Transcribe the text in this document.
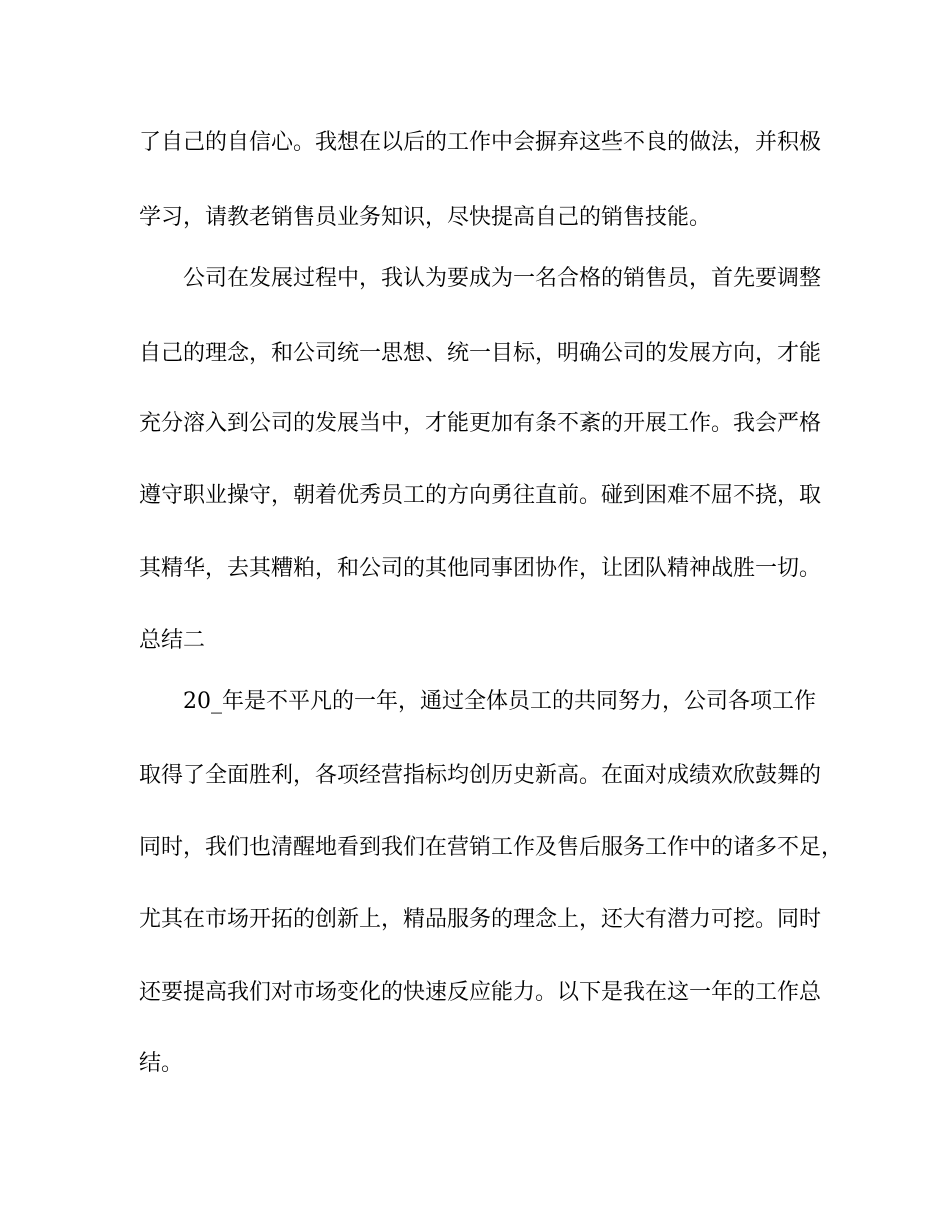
了自己的自信心。我想在以后的工作中会摒弃这些不良的做法，并积极
学习，请教老销售员业务知识，尽快提高自己的销售技能。
公司在发展过程中，我认为要成为一名合格的销售员，首先要调整
自己的理念，和公司统一思想、统一目标，明确公司的发展方向，才能
充分溶入到公司的发展当中，才能更加有条不紊的开展工作。我会严格
遵守职业操守，朝着优秀员工的方向勇往直前。碰到困难不屈不挠，取
其精华，去其糟粕，和公司的其他同事团协作，让团队精神战胜一切。
总结二
20_年是不平凡的一年，通过全体员工的共同努力，公司各项工作
取得了全面胜利，各项经营指标均创历史新高。在面对成绩欢欣鼓舞的
同时，我们也清醒地看到我们在营销工作及售后服务工作中的诸多不足，
尤其在市场开拓的创新上，精品服务的理念上，还大有潜力可挖。同时
还要提高我们对市场变化的快速反应能力。以下是我在这一年的工作总
结。
